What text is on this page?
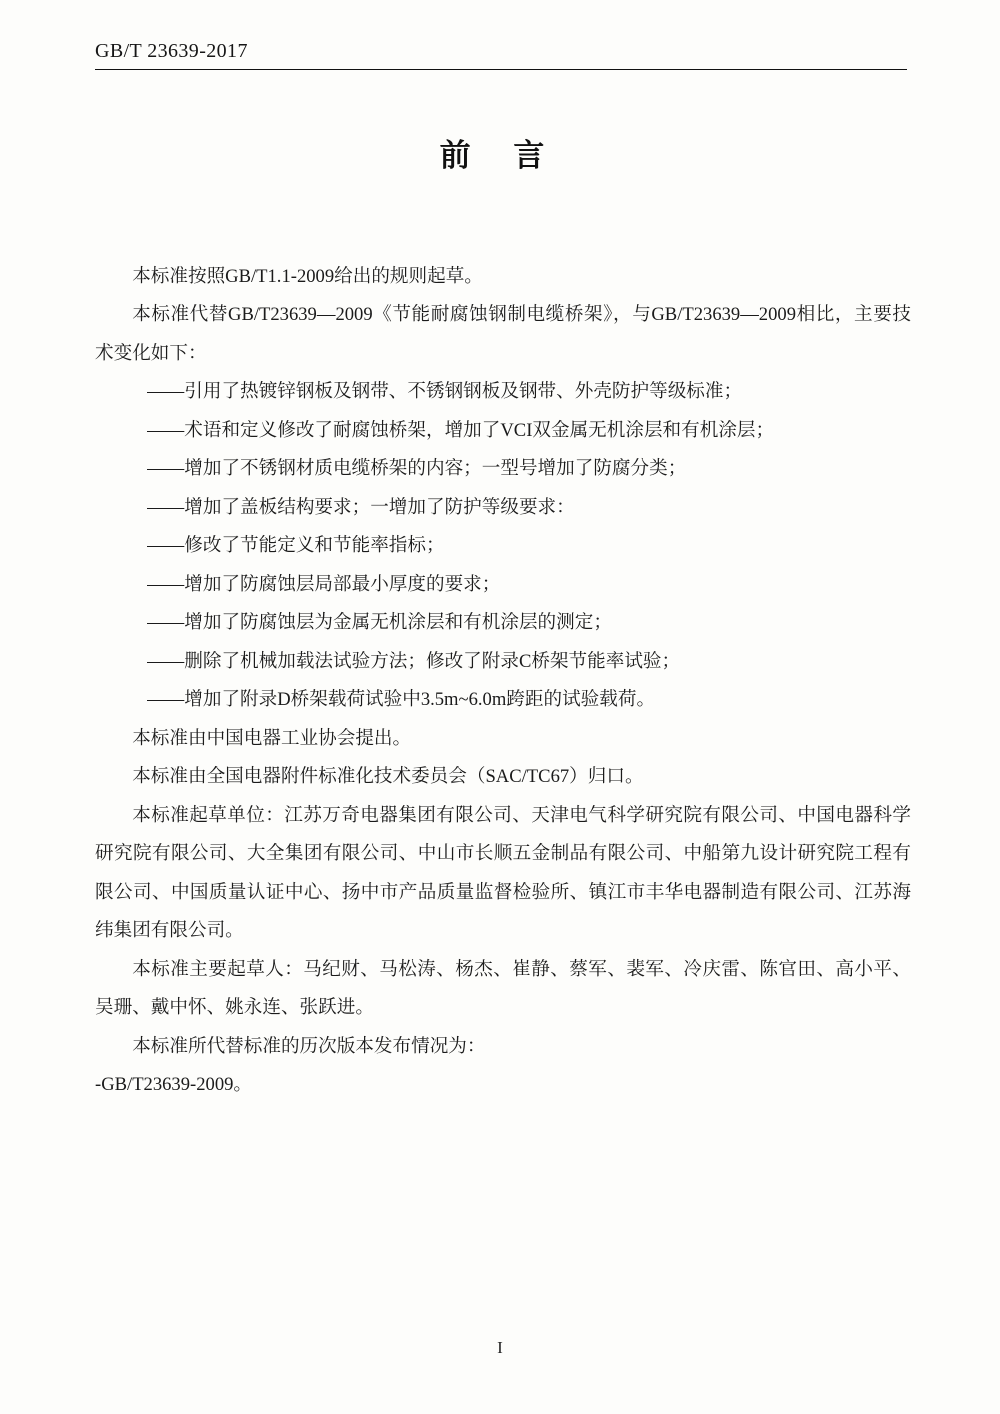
GB/T 23639-2017
前 言

本标准按照GB/T1.1-2009给出的规则起草。

本标准代替GB/T23639—2009《节能耐腐蚀钢制电缆桥架》，与GB/T23639—2009相比，主要技术变化如下：

——引用了热镀锌钢板及钢带、不锈钢钢板及钢带、外壳防护等级标准；

——术语和定义修改了耐腐蚀桥架，增加了VCI双金属无机涂层和有机涂层；

——增加了不锈钢材质电缆桥架的内容；一型号增加了防腐分类；

——增加了盖板结构要求；一增加了防护等级要求：

——修改了节能定义和节能率指标；

——增加了防腐蚀层局部最小厚度的要求；

——增加了防腐蚀层为金属无机涂层和有机涂层的测定；

——删除了机械加载法试验方法；修改了附录C桥架节能率试验；

——增加了附录D桥架载荷试验中3.5m~6.0m跨距的试验载荷。

本标准由中国电器工业协会提出。

本标准由全国电器附件标准化技术委员会（SAC/TC67）归口。

本标准起草单位：江苏万奇电器集团有限公司、天津电气科学研究院有限公司、中国电器科学研究院有限公司、大全集团有限公司、中山市长顺五金制品有限公司、中船第九设计研究院工程有限公司、中国质量认证中心、扬中市产品质量监督检验所、镇江市丰华电器制造有限公司、江苏海纬集团有限公司。

本标准主要起草人：马纪财、马松涛、杨杰、崔静、蔡军、裴军、冷庆雷、陈官田、高小平、吴珊、戴中怀、姚永连、张跃进。

本标准所代替标准的历次版本发布情况为：

-GB/T23639-2009。

I
